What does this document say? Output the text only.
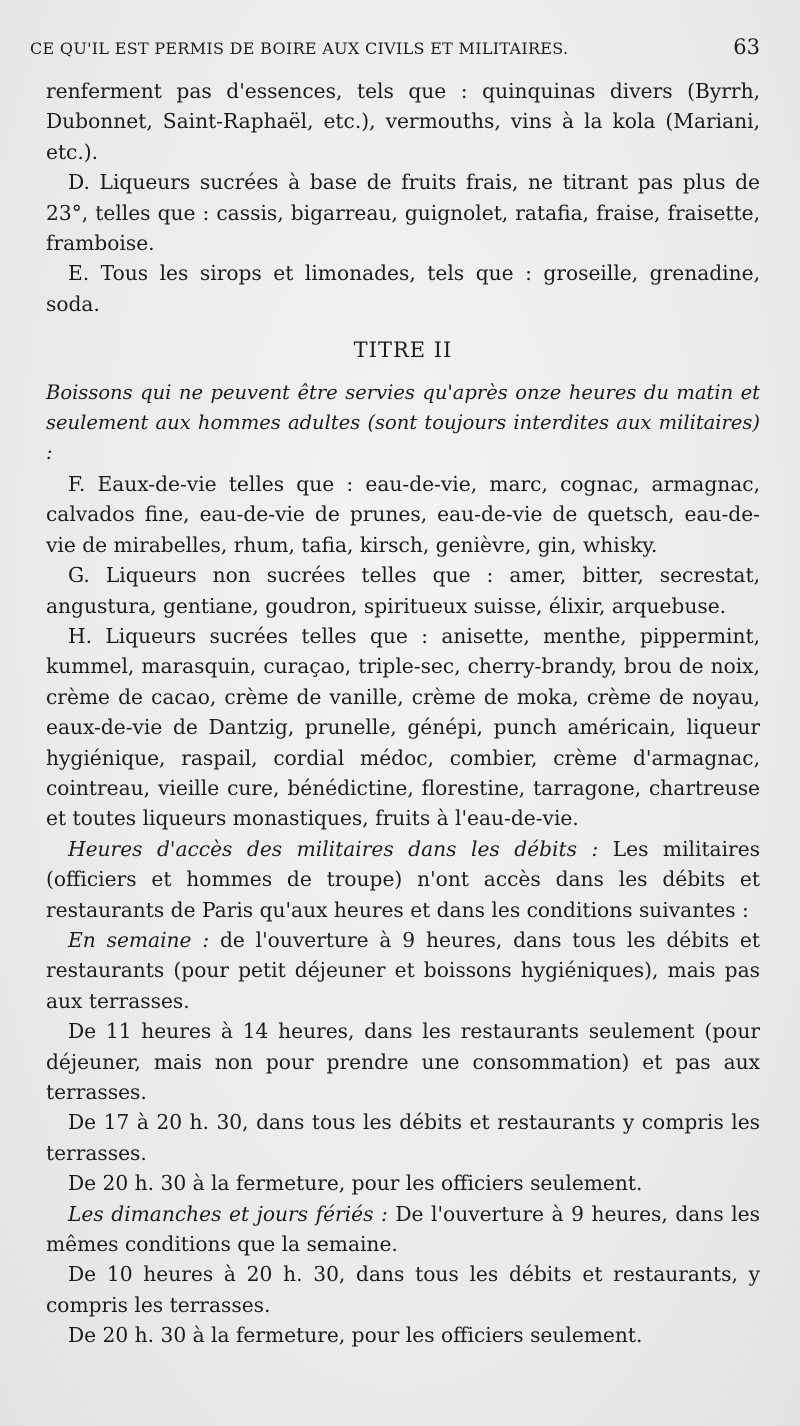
CE QU'IL EST PERMIS DE BOIRE AUX CIVILS ET MILITAIRES.	63

renferment pas d'essences, tels que : quinquinas divers (Byrrh, Dubonnet, Saint-Raphaël, etc.), vermouths, vins à la kola (Mariani, etc.).

D. Liqueurs sucrées à base de fruits frais, ne titrant pas plus de 23°, telles que : cassis, bigarreau, guignolet, ratafia, fraise, fraisette, framboise.

E. Tous les sirops et limonades, tels que : groseille, grenadine, soda.

TITRE II

Boissons qui ne peuvent être servies qu'après onze heures du matin et seulement aux hommes adultes (sont toujours interdites aux militaires) :

F. Eaux-de-vie telles que : eau-de-vie, marc, cognac, armagnac, calvados fine, eau-de-vie de prunes, eau-de-vie de quetsch, eau-de-vie de mirabelles, rhum, tafia, kirsch, genièvre, gin, whisky.

G. Liqueurs non sucrées telles que : amer, bitter, secrestat, angustura, gentiane, goudron, spiritueux suisse, élixir, arquebuse.

H. Liqueurs sucrées telles que : anisette, menthe, pippermint, kummel, marasquin, curaçao, triple-sec, cherry-brandy, brou de noix, crème de cacao, crème de vanille, crème de moka, crème de noyau, eaux-de-vie de Dantzig, prunelle, génépi, punch américain, liqueur hygiénique, raspail, cordial médoc, combier, crème d'armagnac, cointreau, vieille cure, bénédictine, florestine, tarragone, chartreuse et toutes liqueurs monastiques, fruits à l'eau-de-vie.

Heures d'accès des militaires dans les débits : Les militaires (officiers et hommes de troupe) n'ont accès dans les débits et restaurants de Paris qu'aux heures et dans les conditions suivantes :

En semaine : de l'ouverture à 9 heures, dans tous les débits et restaurants (pour petit déjeuner et boissons hygiéniques), mais pas aux terrasses.

De 11 heures à 14 heures, dans les restaurants seulement (pour déjeuner, mais non pour prendre une consommation) et pas aux terrasses.

De 17 à 20 h. 30, dans tous les débits et restaurants y compris les terrasses.

De 20 h. 30 à la fermeture, pour les officiers seulement.

Les dimanches et jours fériés : De l'ouverture à 9 heures, dans les mêmes conditions que la semaine.

De 10 heures à 20 h. 30, dans tous les débits et restaurants, y compris les terrasses.

De 20 h. 30 à la fermeture, pour les officiers seulement.
